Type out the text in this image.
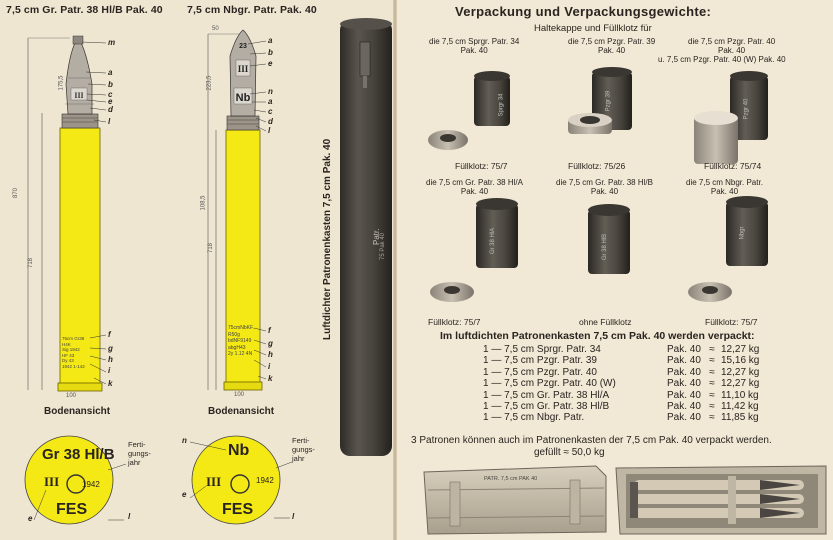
7,5 cm Gr. Patr. 38 Hl/B Pak. 40 7,5 cm Nbgr. Patr. Pak. 40
III
870
718
175,5
100
75cm Gr38
H4K
Sig 1942
HF 43
Dy 43
1942 1-142
m
a
b
c
e
d
l
f
g
h
i
k
Bodenansicht
Gr 38 Hl/B
III	1942
FES
e	l
Ferti-
gungs-
jahr
III
Nb
23
50
223,5
108,5
718
100
75cmNbKF.
R50g
bdNF9149
abgH43
2y 1.12 4N
a
b
e
n
a
c
d
l
f
g
h
i
k
Bodenansicht
Nb
III	1942
FES
n
e
l
Ferti-
gungs-
jahr
Luftdichter Patronenkasten 7,5 cm Pak. 40	Patr. 75 Pak 40
Verpackung und Verpackungsgewichte:
Haltekappe und Füllklotz für
die 7,5 cm Sprgr. Patr. 34
Pak. 40
die 7,5 cm Pzgr. Patr. 39
Pak. 40
die 7,5 cm Pzgr. Patr. 40
Pak. 40
u. 7,5 cm Pzgr. Patr. 40 (W) Pak. 40
Sprgr 34	Pzgr 39	Pzgr 40
Füllklotz: 75/7	Füllklotz: 75/26	Füllklotz: 75/74
die 7,5 cm Gr. Patr. 38 Hl/A
Pak. 40
die 7,5 cm Gr. Patr. 38 Hl/B
Pak. 40
die 7,5 cm Nbgr. Patr.
Pak. 40
Gr 38 HlA	Gr 38 HlB
Nbgr
Füllklotz: 75/7	ohne Füllklotz	Füllklotz: 75/7
Im luftdichten Patronenkasten 7,5 cm Pak. 40 werden verpackt:
1 — 7,5 cm Sprgr. Patr. 34	Pak. 40 ≈ 12,27 kg
1 — 7,5 cm Pzgr. Patr. 39	Pak. 40 ≈ 15,16 kg
1 — 7,5 cm Pzgr. Patr. 40	Pak. 40 ≈ 12,27 kg
1 — 7,5 cm Pzgr. Patr. 40 (W)	Pak. 40 ≈ 12,27 kg
1 — 7,5 cm Gr. Patr. 38 Hl/A	Pak. 40 ≈ 11,10 kg
1 — 7,5 cm Gr. Patr. 38 Hl/B	Pak. 40 ≈ 11,42 kg
1 — 7,5 cm Nbgr. Patr.	Pak. 40 ≈ 11,85 kg
3 Patronen können auch im Patronenkasten der 7,5 cm Pak. 40 verpackt werden.
gefüllt ≈ 50,0 kg
PATR. 7,5 cm PAK 40
